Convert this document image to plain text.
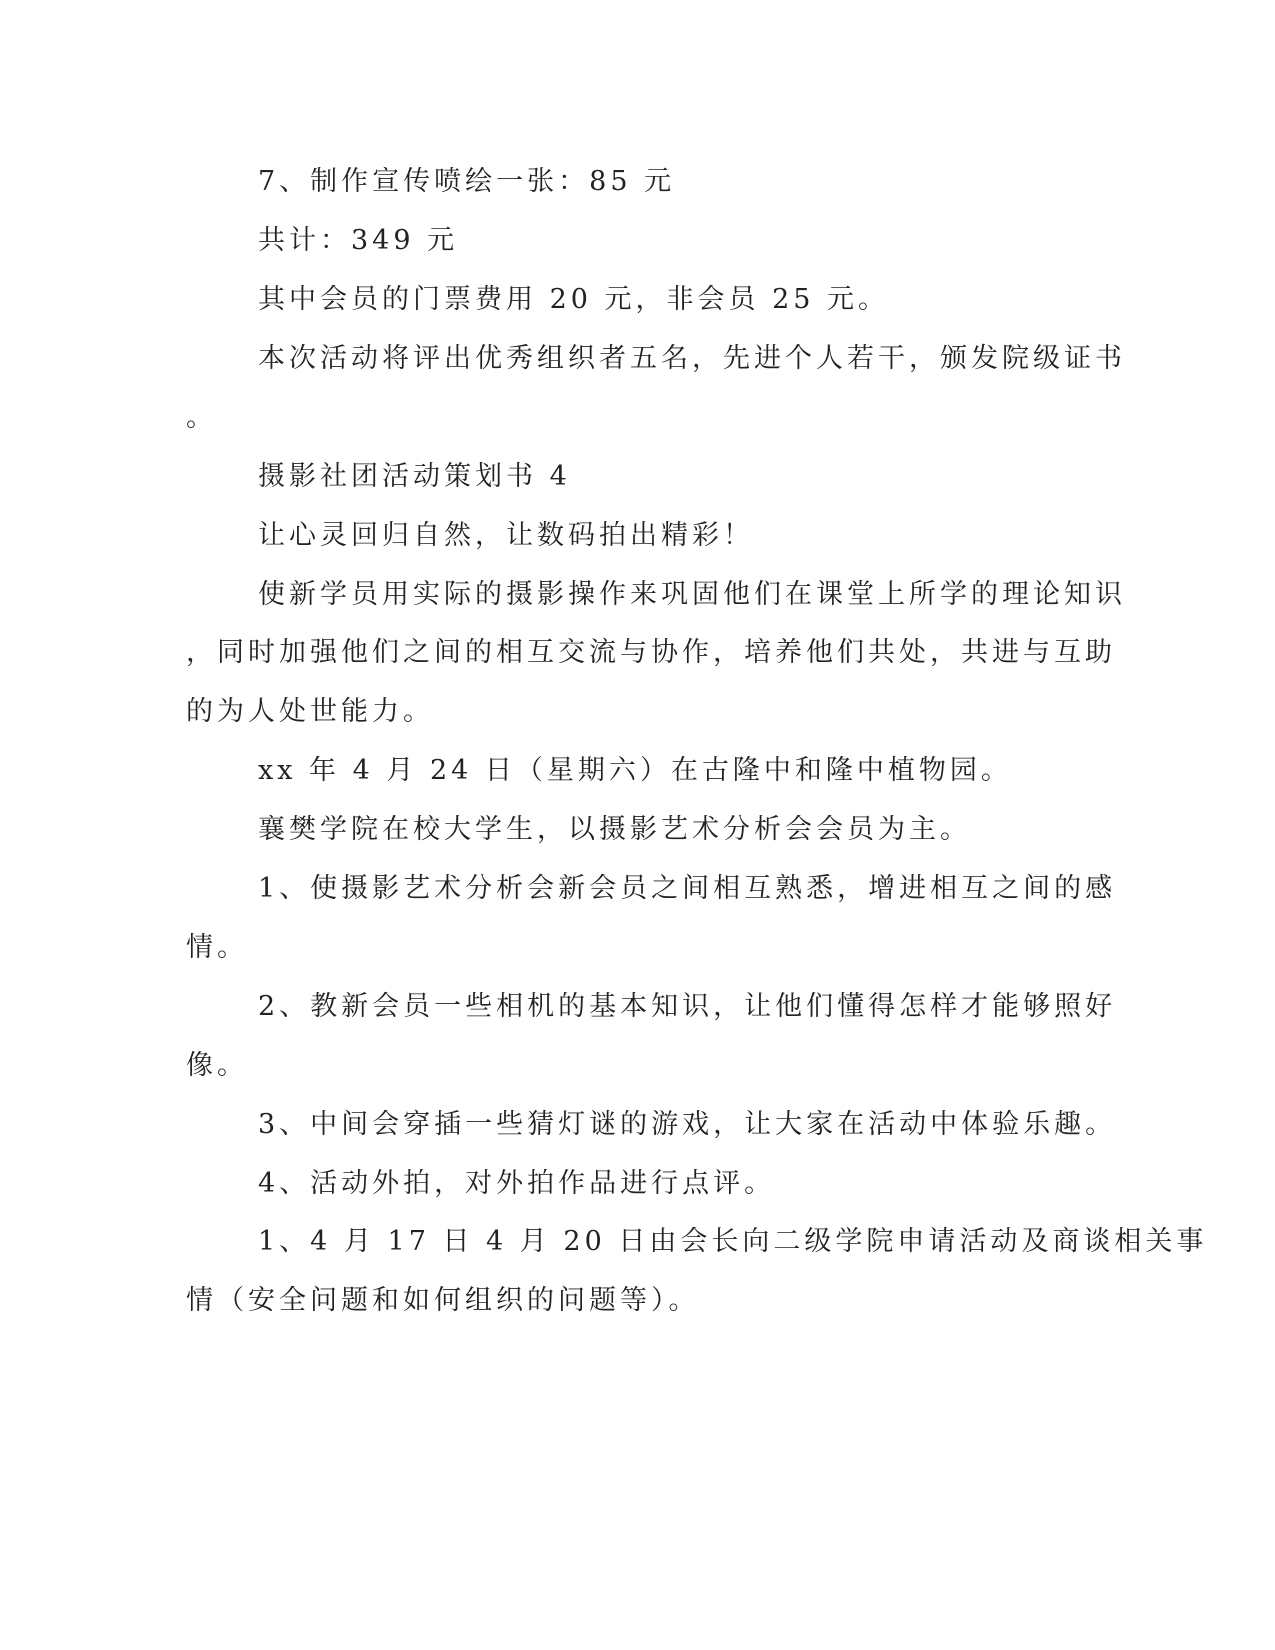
7、制作宣传喷绘一张：85 元
共计：349 元
其中会员的门票费用 20 元，非会员 25 元。
本次活动将评出优秀组织者五名，先进个人若干，颁发院级证书
。
摄影社团活动策划书 4
让心灵回归自然，让数码拍出精彩！
使新学员用实际的摄影操作来巩固他们在课堂上所学的理论知识
，同时加强他们之间的相互交流与协作，培养他们共处，共进与互助
的为人处世能力。
xx 年 4 月 24 日（星期六）在古隆中和隆中植物园。
襄樊学院在校大学生，以摄影艺术分析会会员为主。
1、使摄影艺术分析会新会员之间相互熟悉，增进相互之间的感
情。
2、教新会员一些相机的基本知识，让他们懂得怎样才能够照好
像。
3、中间会穿插一些猜灯谜的游戏，让大家在活动中体验乐趣。
4、活动外拍，对外拍作品进行点评。
1、4 月 17 日 4 月 20 日由会长向二级学院申请活动及商谈相关事
情（安全问题和如何组织的问题等）。
